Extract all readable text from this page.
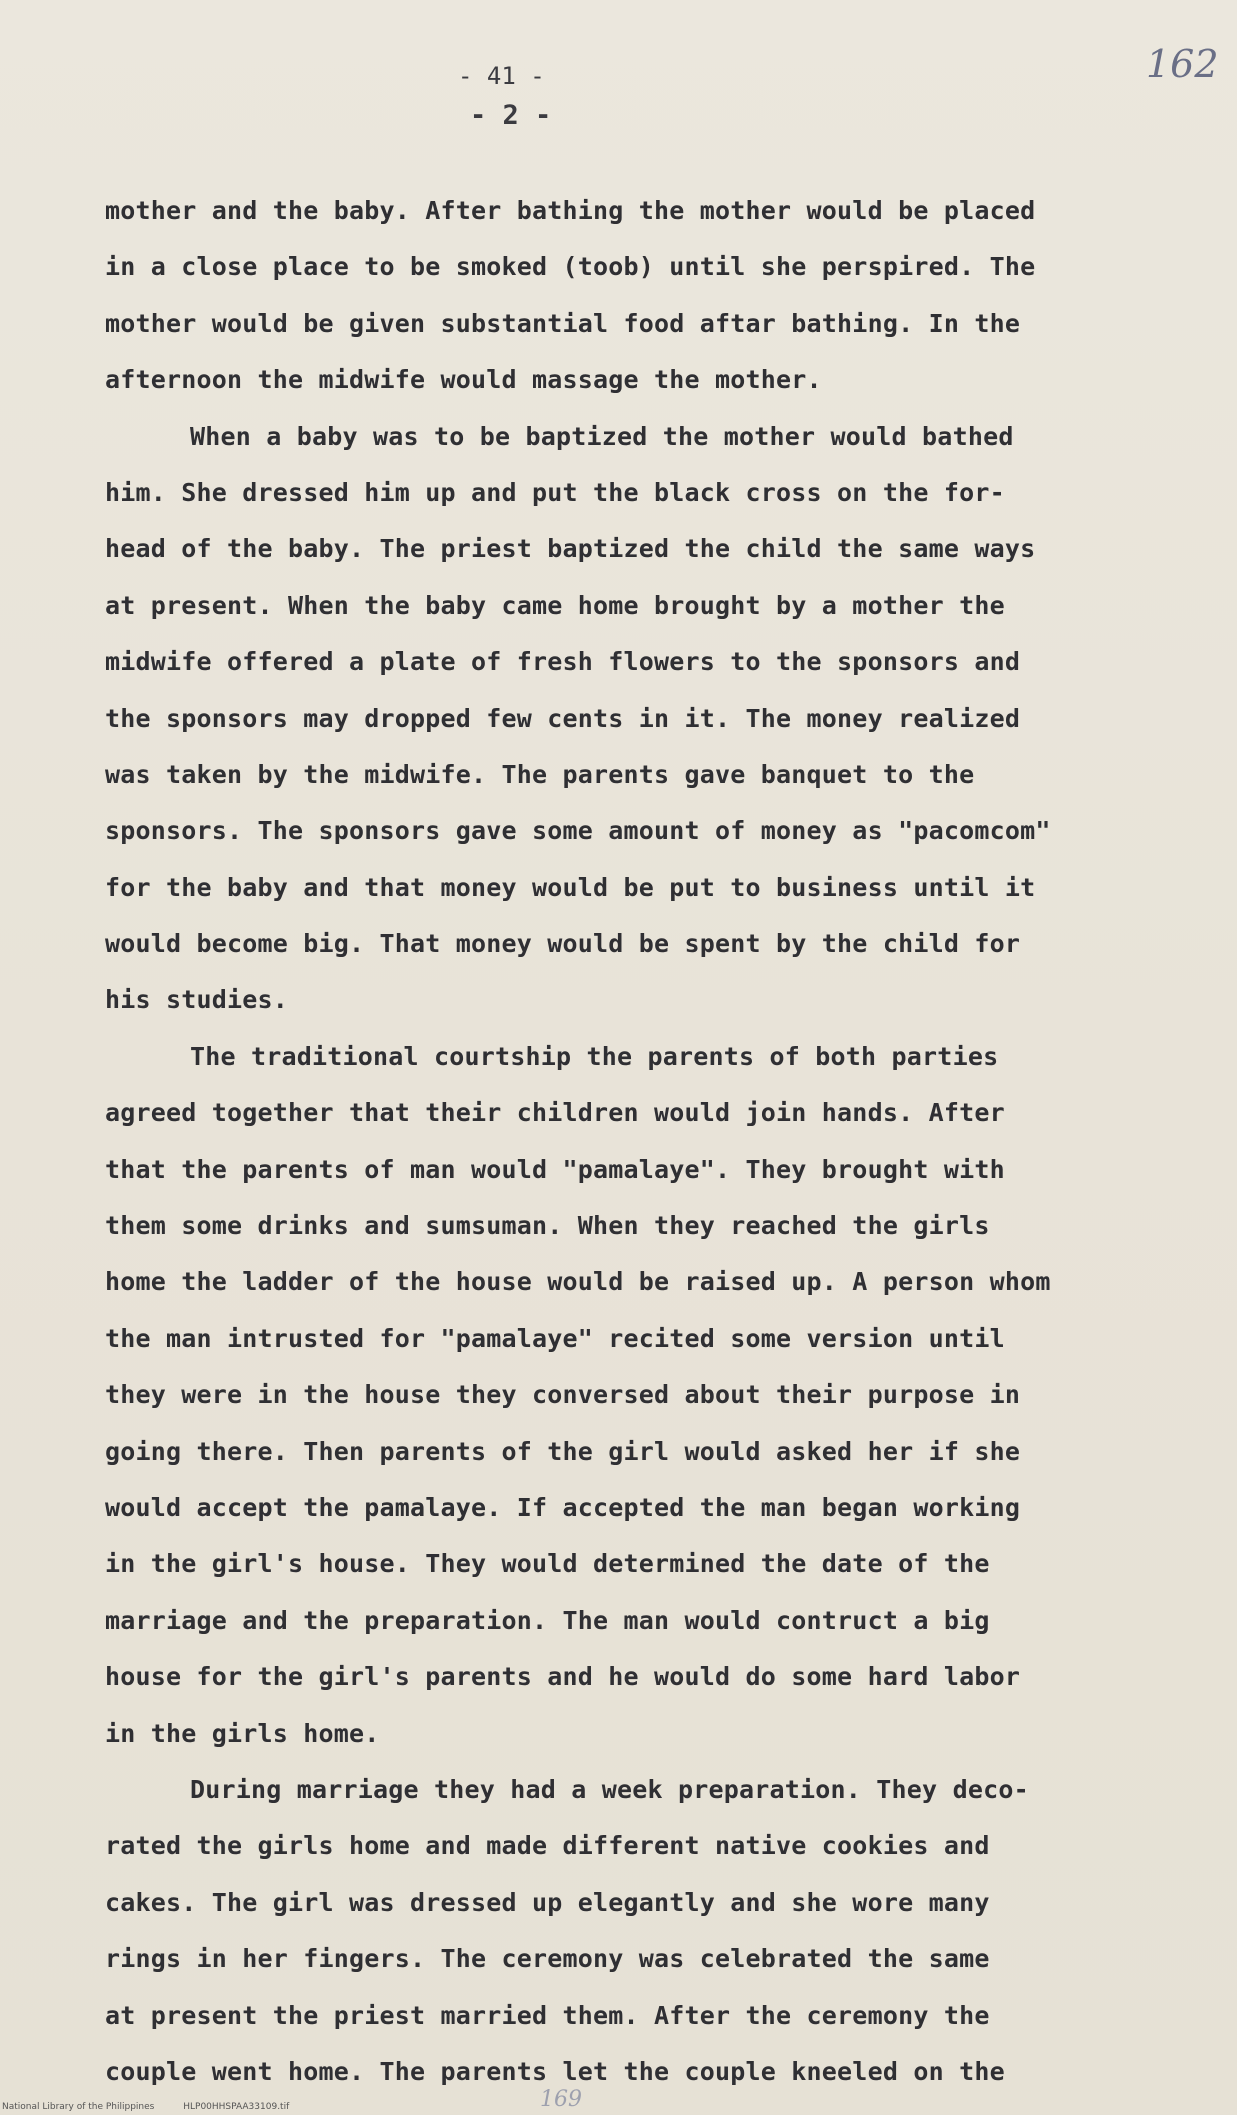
- 41 -
- 2 -
162
mother and the baby. After bathing the mother would be placed
in a close place to be smoked (toob) until she perspired. The
mother would be given substantial food aftar bathing. In the
afternoon the midwife would massage the mother.
When a baby was to be baptized the mother would bathed
him. She dressed him up and put the black cross on the for-
head of the baby. The priest baptized the child the same ways
at present. When the baby came home brought by a mother the
midwife offered a plate of fresh flowers to the sponsors and
the sponsors may dropped few cents in it. The money realized
was taken by the midwife. The parents gave banquet to the
sponsors. The sponsors gave some amount of money as "pacomcom"
for the baby and that money would be put to business until it
would become big. That money would be spent by the child for
his studies.
The traditional courtship the parents of both parties
agreed together that their children would join hands. After
that the parents of man would "pamalaye". They brought with
them some drinks and sumsuman. When they reached the girls
home the ladder of the house would be raised up. A person whom
the man intrusted for "pamalaye" recited some version until
they were in the house they conversed about their purpose in
going there. Then parents of the girl would asked her if she
would accept the pamalaye. If accepted the man began working
in the girl's house. They would determined the date of the
marriage and the preparation. The man would contruct a big
house for the girl's parents and he would do some hard labor
in the girls home.
During marriage they had a week preparation. They deco-
rated the girls home and made different native cookies and
cakes. The girl was dressed up elegantly and she wore many
rings in her fingers. The ceremony was celebrated the same
at present the priest married them. After the ceremony the
couple went home. The parents let the couple kneeled on the
169
National Library of the Philippines	HLP00HHSPAA33109.tif
